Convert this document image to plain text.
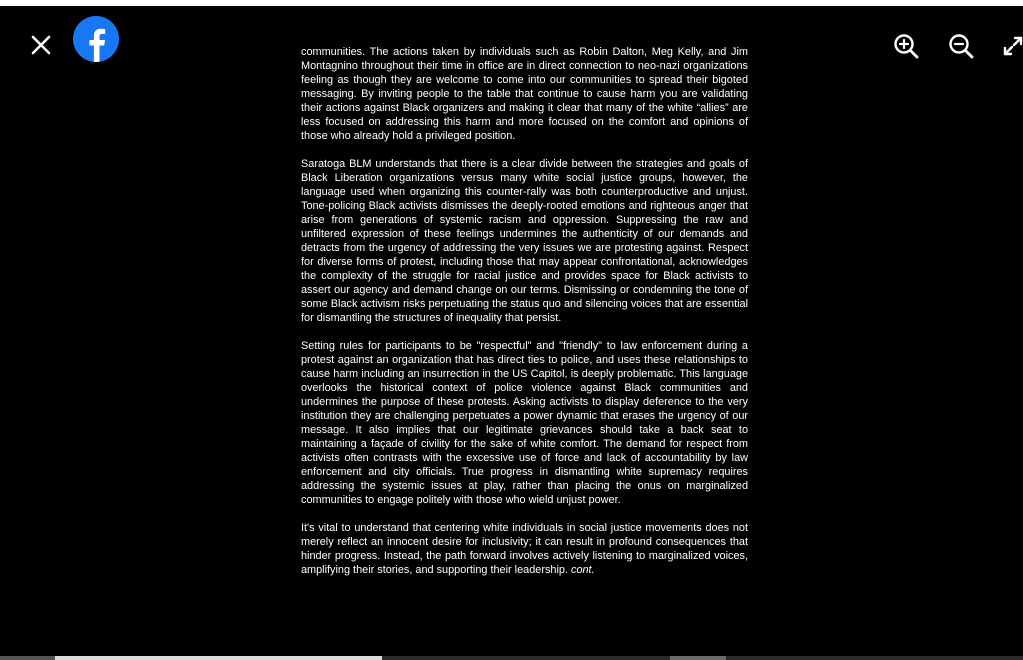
communities. The actions taken by individuals such as Robin Dalton, Meg Kelly, and Jim Montagnino throughout their time in office are in direct connection to neo-nazi organizations feeling as though they are welcome to come into our communities to spread their bigoted messaging. By inviting people to the table that continue to cause harm you are validating their actions against Black organizers and making it clear that many of the white “allies” are less focused on addressing this harm and more focused on the comfort and opinions of those who already hold a privileged position.

Saratoga BLM understands that there is a clear divide between the strategies and goals of Black Liberation organizations versus many white social justice groups, however, the language used when organizing this counter-rally was both counterproductive and unjust. Tone-policing Black activists dismisses the deeply-rooted emotions and righteous anger that arise from generations of systemic racism and oppression. Suppressing the raw and unfiltered expression of these feelings undermines the authenticity of our demands and detracts from the urgency of addressing the very issues we are protesting against. Respect for diverse forms of protest, including those that may appear confrontational, acknowledges the complexity of the struggle for racial justice and provides space for Black activists to assert our agency and demand change on our terms. Dismissing or condemning the tone of some Black activism risks perpetuating the status quo and silencing voices that are essential for dismantling the structures of inequality that persist.

Setting rules for participants to be "respectful" and "friendly" to law enforcement during a protest against an organization that has direct ties to police, and uses these relationships to cause harm including an insurrection in the US Capitol, is deeply problematic. This language overlooks the historical context of police violence against Black communities and undermines the purpose of these protests. Asking activists to display deference to the very institution they are challenging perpetuates a power dynamic that erases the urgency of our message. It also implies that our legitimate grievances should take a back seat to maintaining a façade of civility for the sake of white comfort. The demand for respect from activists often contrasts with the excessive use of force and lack of accountability by law enforcement and city officials. True progress in dismantling white supremacy requires addressing the systemic issues at play, rather than placing the onus on marginalized communities to engage politely with those who wield unjust power.

It's vital to understand that centering white individuals in social justice movements does not merely reflect an innocent desire for inclusivity; it can result in profound consequences that hinder progress. Instead, the path forward involves actively listening to marginalized voices, amplifying their stories, and supporting their leadership. cont.
